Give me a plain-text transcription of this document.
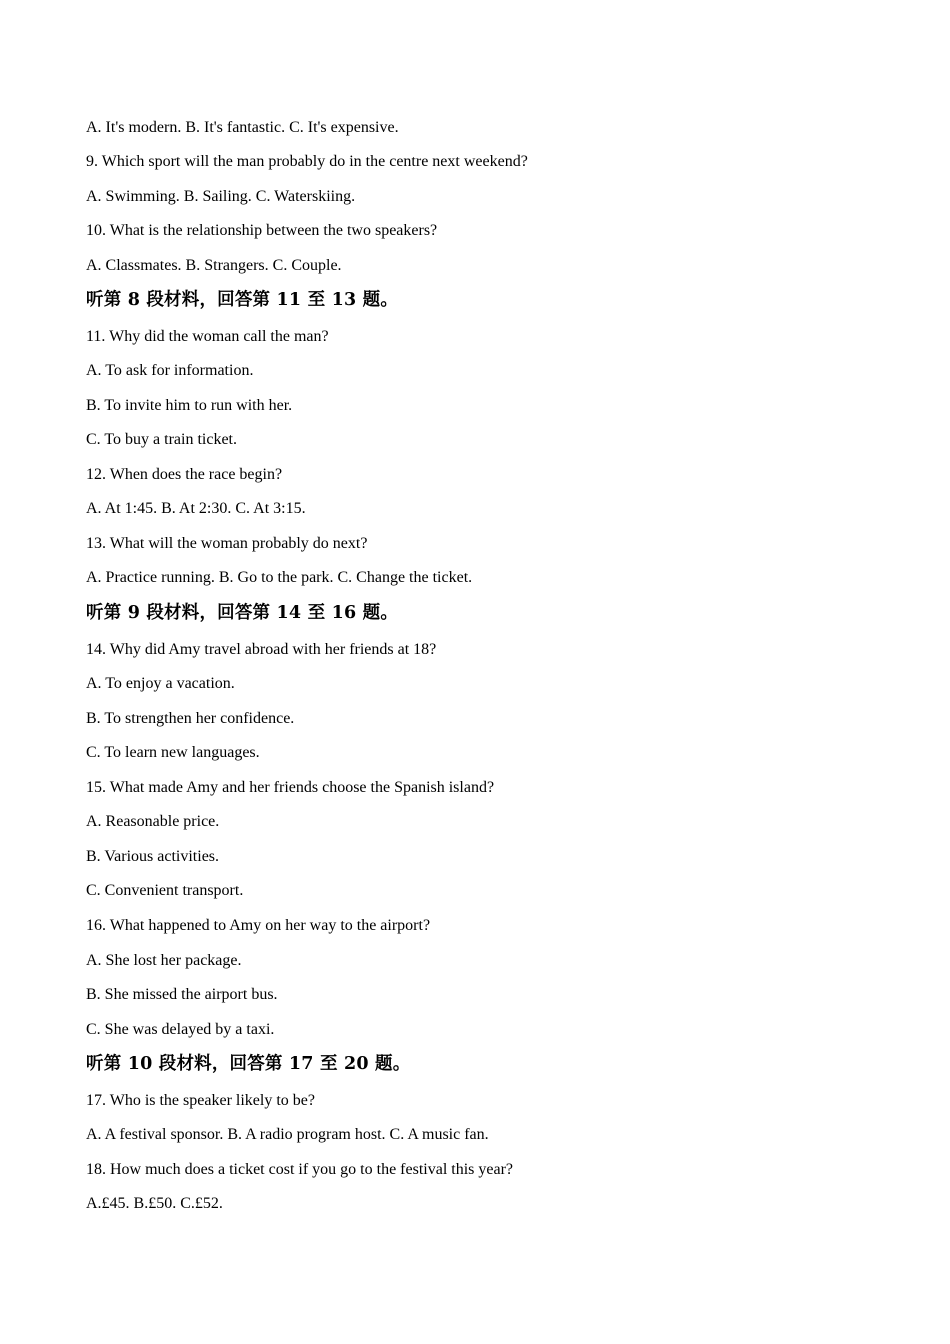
A. It's modern. B. It's fantastic. C. It's expensive.
9. Which sport will the man probably do in the centre next weekend?
A. Swimming. B. Sailing. C. Waterskiing.
10. What is the relationship between the two speakers?
A. Classmates. B. Strangers. C. Couple.
听第 8 段材料，回答第 11 至 13 题。
11. Why did the woman call the man?
A. To ask for information.
B. To invite him to run with her.
C. To buy a train ticket.
12. When does the race begin?
A. At 1:45. B. At 2:30. C. At 3:15.
13. What will the woman probably do next?
A. Practice running. B. Go to the park. C. Change the ticket.
听第 9 段材料，回答第 14 至 16 题。
14. Why did Amy travel abroad with her friends at 18?
A. To enjoy a vacation.
B. To strengthen her confidence.
C. To learn new languages.
15. What made Amy and her friends choose the Spanish island?
A. Reasonable price.
B. Various activities.
C. Convenient transport.
16. What happened to Amy on her way to the airport?
A. She lost her package.
B. She missed the airport bus.
C. She was delayed by a taxi.
听第 10 段材料，回答第 17 至 20 题。
17. Who is the speaker likely to be?
A. A festival sponsor. B. A radio program host. C. A music fan.
18. How much does a ticket cost if you go to the festival this year?
A.£45. B.£50. C.£52.
